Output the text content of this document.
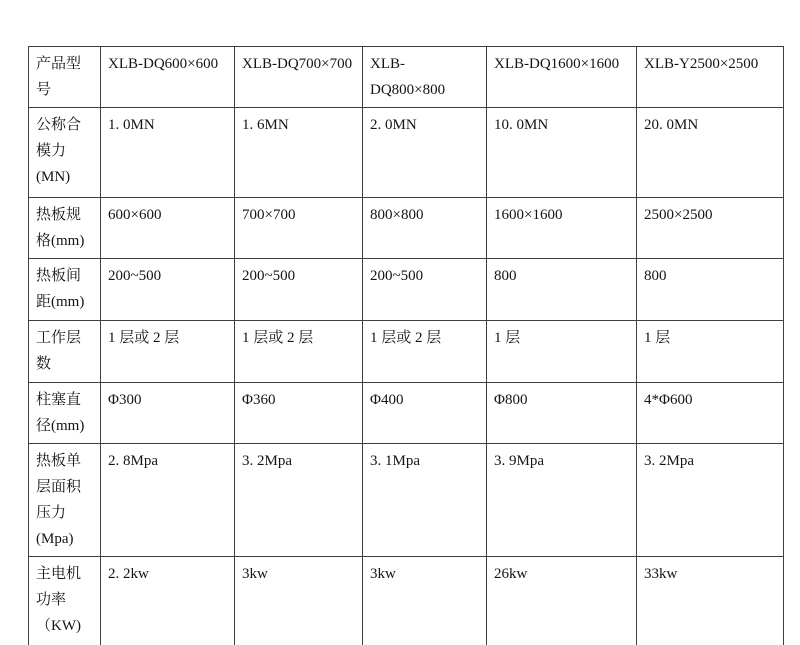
产品型号	XLB-DQ600×600	XLB-DQ700×700	XLB-DQ800×800	XLB-DQ1600×1600	XLB-Y2500×2500
公称合模力(MN)	1. 0MN	1. 6MN	2. 0MN	10. 0MN	20. 0MN
热板规格(mm)	600×600	700×700	800×800	1600×1600	2500×2500
热板间距(mm)	200~500	200~500	200~500	800	800
工作层数	1 层或 2 层	1 层或 2 层	1 层或 2 层	1 层	1 层
柱塞直径(mm)	Φ300	Φ360	Φ400	Φ800	4*Φ600
热板单层面积压力(Mpa)	2. 8Mpa	3. 2Mpa	3. 1Mpa	3. 9Mpa	3. 2Mpa
主电机功率（KW)	2. 2kw	3kw	3kw	26kw	33kw
